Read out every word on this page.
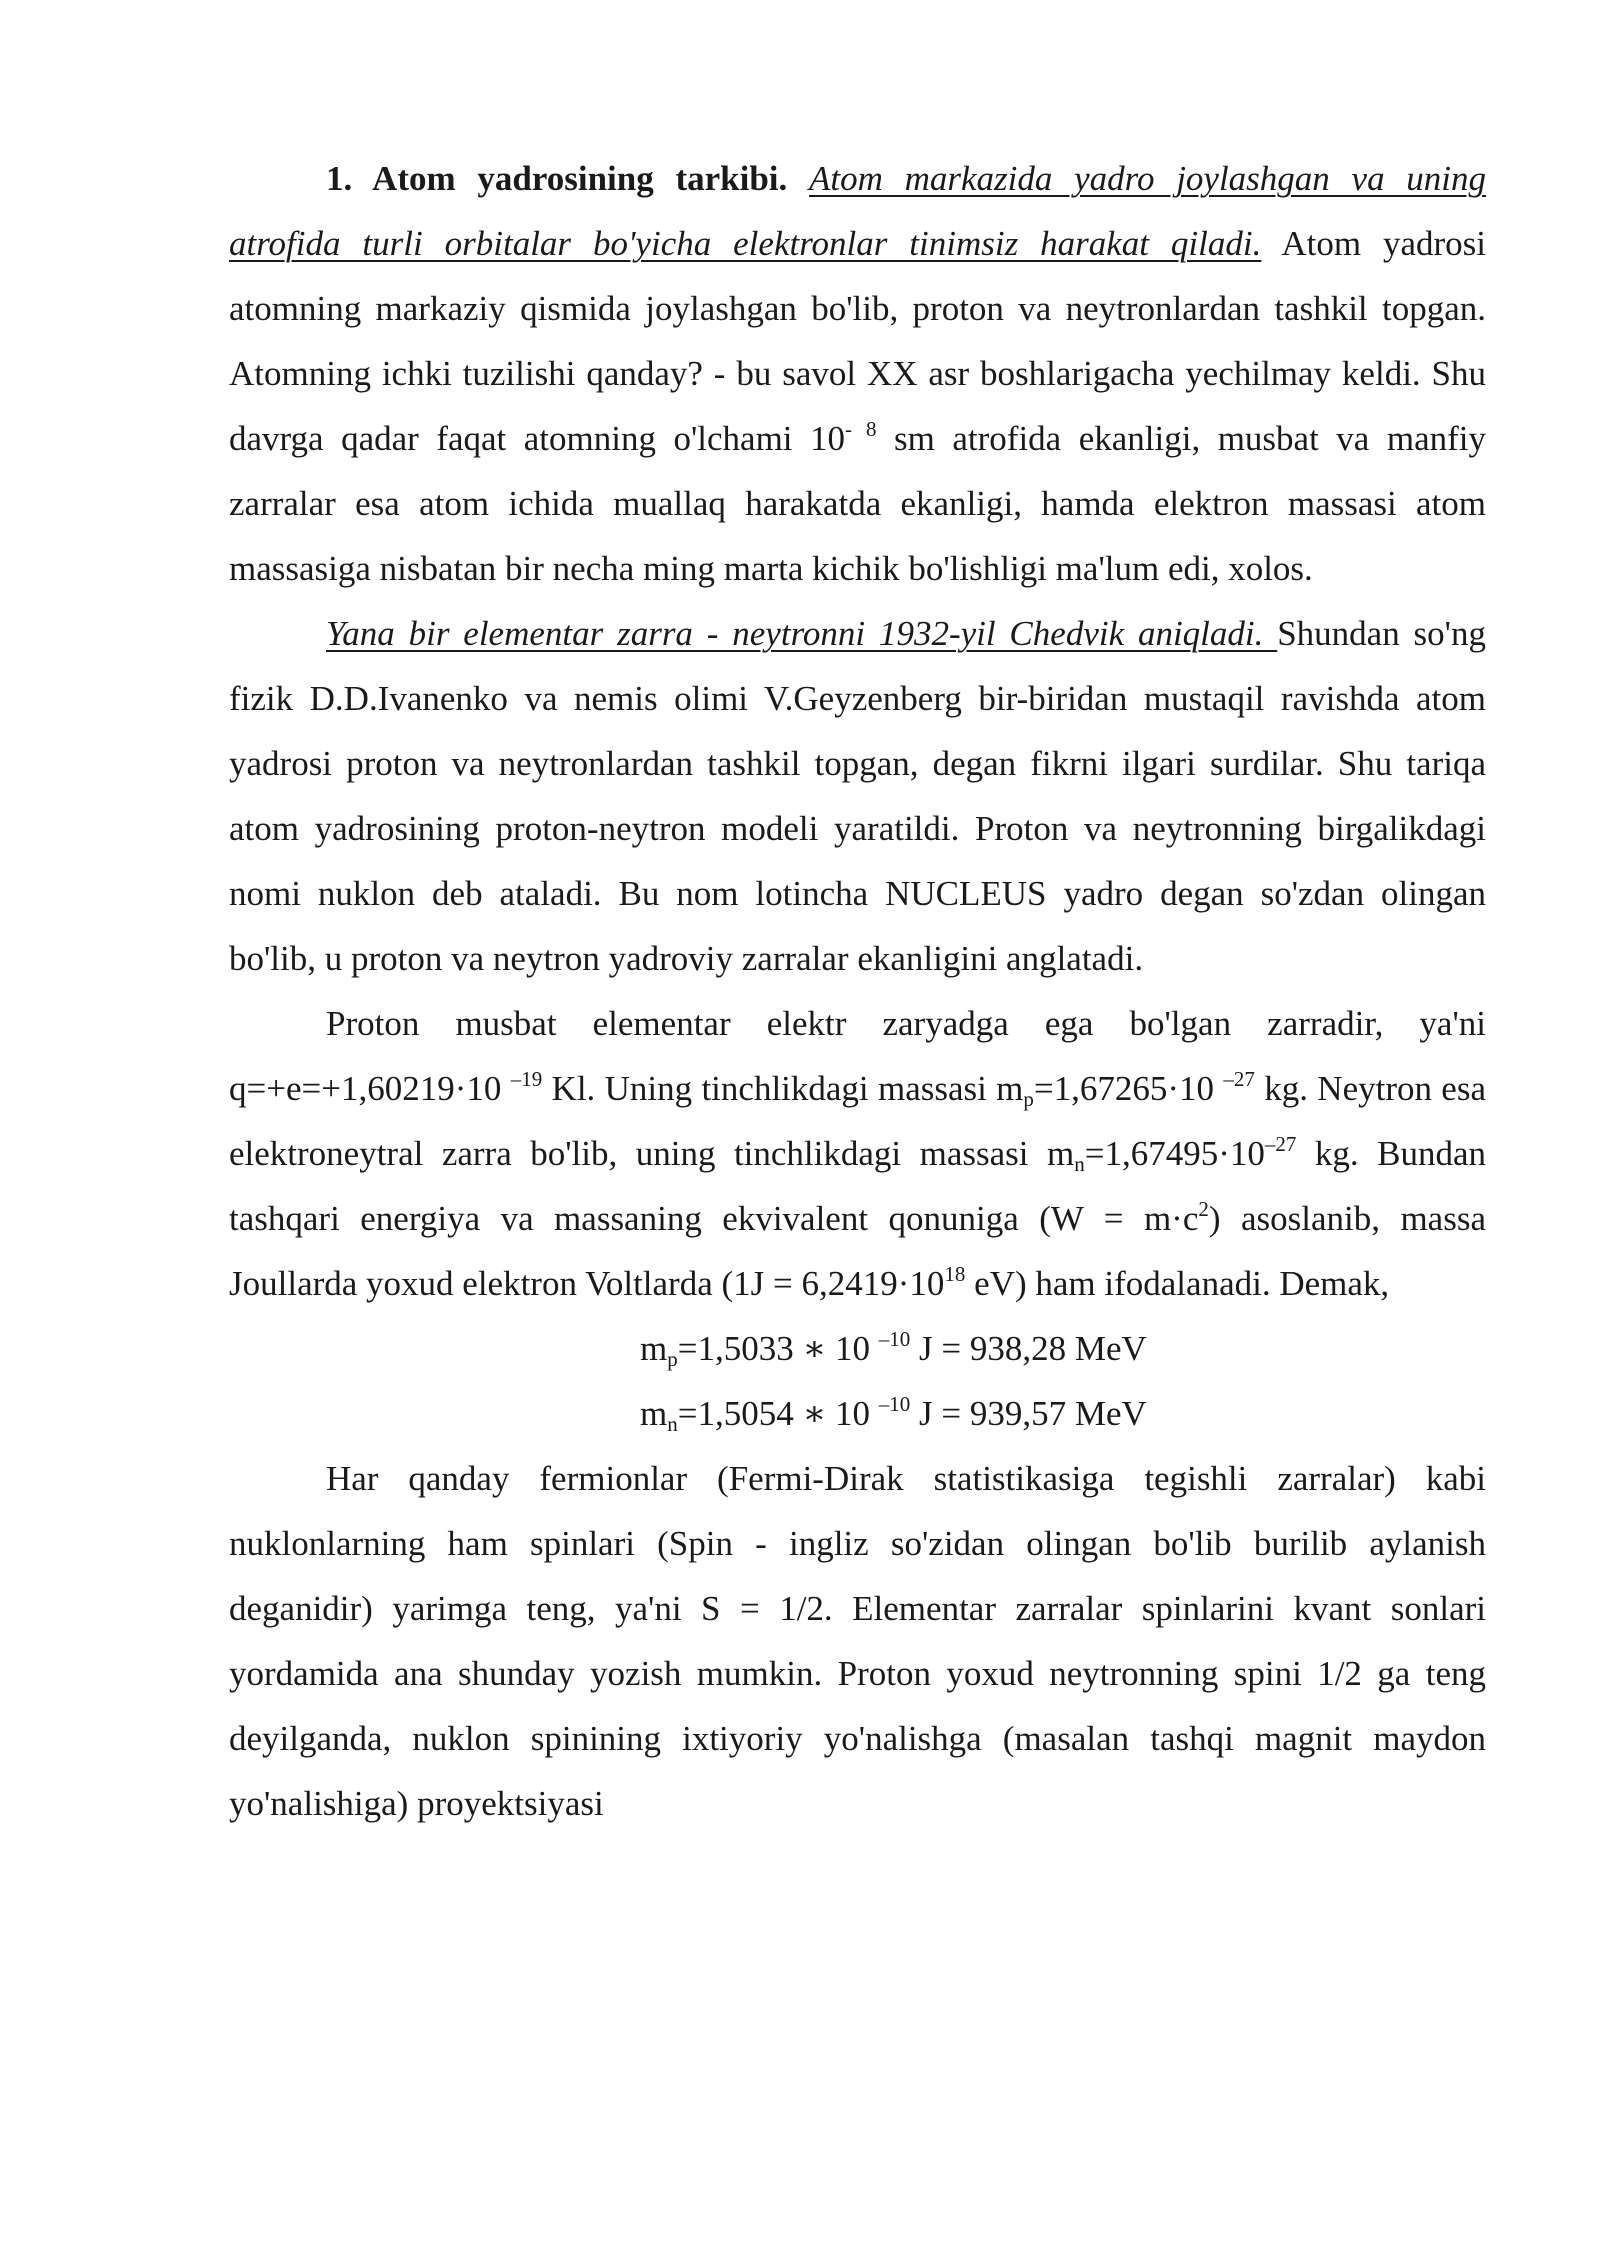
1. Atom yadrosining tarkibi. Atom markazida yadro joylashgan va uning atrofida turli orbitalar bo'yicha elektronlar tinimsiz harakat qiladi. Atom yadrosi atomning markaziy qismida joylashgan bo'lib, proton va neytronlardan tashkil topgan. Atomning ichki tuzilishi qanday? - bu savol XX asr boshlarigacha yechilmay keldi. Shu davrga qadar faqat atomning o'lchami $10^{- 8}$ sm atrofida ekanligi, musbat va manfiy zarralar esa atom ichida muallaq harakatda ekanligi, hamda elektron massasi atom massasiga nisbatan bir necha ming marta kichik bo'lishligi ma'lum edi, xolos.

Yana bir elementar zarra - neytronni 1932-yil Chedvik aniqladi. Shundan so'ng fizik D.D.Ivanenko va nemis olimi V.Geyzenberg bir-biridan mustaqil ravishda atom yadrosi proton va neytronlardan tashkil topgan, degan fikrni ilgari surdilar. Shu tariqa atom yadrosining proton-neytron modeli yaratildi. Proton va neytronning birgalikdagi nomi nuklon deb ataladi. Bu nom lotincha NUCLEUS yadro degan so'zdan olingan bo'lib, u proton va neytron yadroviy zarralar ekanligini anglatadi.

Proton musbat elementar elektr zaryadga ega bo'lgan zarradir, ya'ni q=+e=+1,60219·10 $^{-19}$ Kl. Uning tinchlikdagi massasi $m_p=1,67265\cdot 10$ $^{-27}$ kg. Neytron esa elektroneytral zarra bo'lib, uning tinchlikdagi massasi $m_n=1,67495\cdot 10^{-27}$ kg. Bundan tashqari energiya va massaning ekvivalent qonuniga $(W = m\cdot c^2)$ asoslanib, massa Joullarda yoxud elektron Voltlarda ($1J = 6,2419\cdot 10^{18}$ eV) ham ifodalanadi. Demak,

$m_p=1,5033$ ∗ 10 $^{-10}$ J = 938,28 MeV

$m_n=1,5054$ ∗ 10 $^{-10}$ J = 939,57 MeV

Har qanday fermionlar (Fermi-Dirak statistikasiga tegishli zarralar) kabi nuklonlarning ham spinlari (Spin - ingliz so'zidan olingan bo'lib burilib aylanish deganidir) yarimga teng, ya'ni S = 1/2. Elementar zarralar spinlarini kvant sonlari yordamida ana shunday yozish mumkin. Proton yoxud neytronning spini 1/2 ga teng deyilganda, nuklon spinining ixtiyoriy yo'nalishga (masalan tashqi magnit maydon yo'nalishiga) proyektsiyasi
